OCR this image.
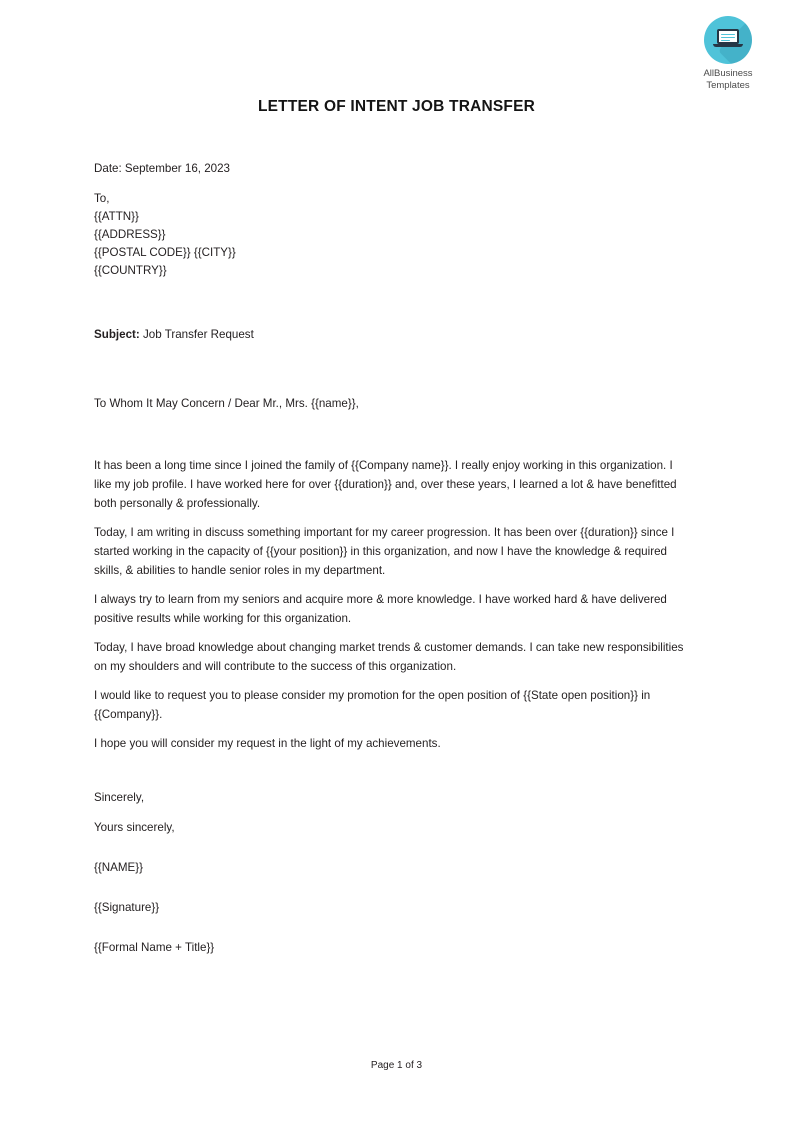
AllBusiness
Templates
LETTER OF INTENT JOB TRANSFER
Date: September 16, 2023
To,
{{ATTN}}
{{ADDRESS}}
{{POSTAL CODE}} {{CITY}}
{{COUNTRY}}
Subject: Job Transfer Request
To Whom It May Concern / Dear Mr., Mrs. {{name}},

It has been a long time since I joined the family of {{Company name}}. I really enjoy working in this organization. I like my job profile. I have worked here for over {{duration}} and, over these years, I learned a lot & have benefitted both personally & professionally.

Today, I am writing in discuss something important for my career progression. It has been over {{duration}} since I started working in the capacity of {{your position}} in this organization, and now I have the knowledge & required skills, & abilities to handle senior roles in my department.

I always try to learn from my seniors and acquire more & more knowledge. I have worked hard & have delivered positive results while working for this organization.

Today, I have broad knowledge about changing market trends & customer demands. I can take new responsibilities on my shoulders and will contribute to the success of this organization.

I would like to request you to please consider my promotion for the open position of {{State open position}} in {{Company}}.

I hope you will consider my request in the light of my achievements.

Sincerely,

Yours sincerely,

{{NAME}}

{{Signature}}

{{Formal Name + Title}}

Page 1 of 3
